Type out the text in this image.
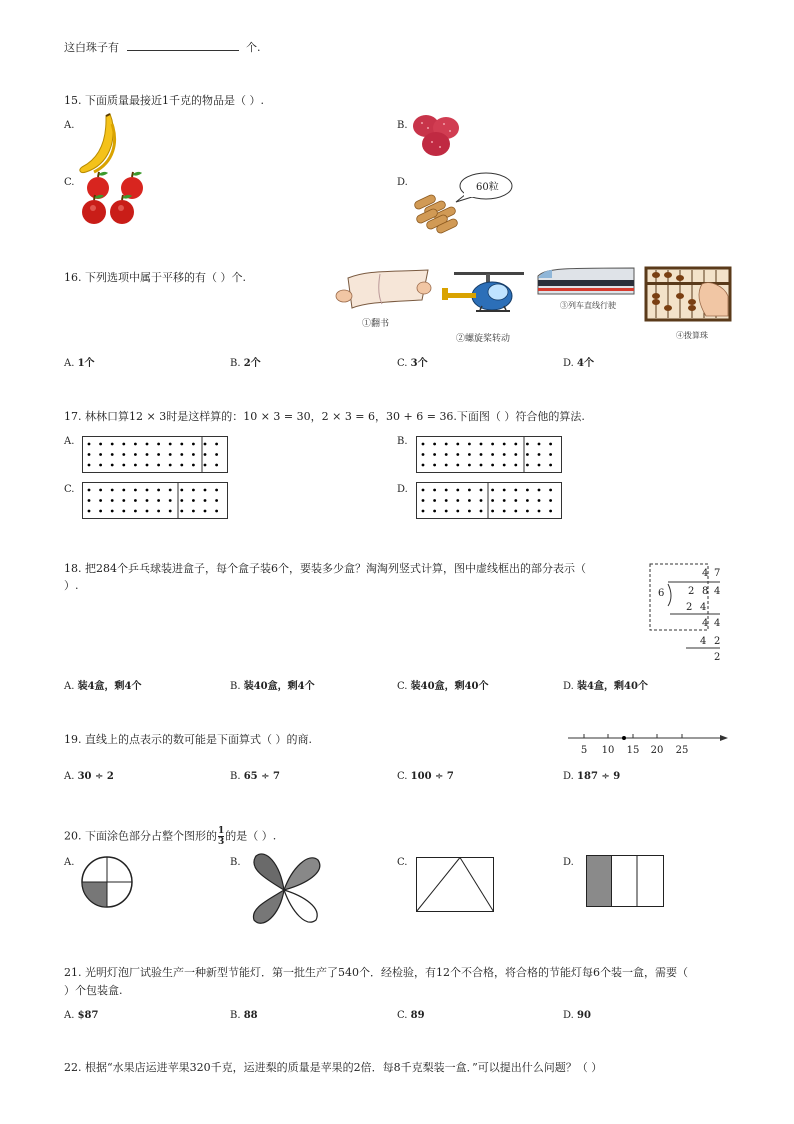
这白珠子有	个.
15. 下面质量最接近1千克的物品是（ ）.
A.	B.
C.	D.	60粒
16. 下列选项中属于平移的有（ ）个.
①翻书
②螺旋桨转动
③列车直线行驶
④拨算珠
A. 1个	B. 2个	C. 3个	D. 4个
17. 林林口算12 × 3时是这样算的：10 × 3 = 30，2 × 3 = 6，30 + 6 = 36.下面图（ ）符合他的算法.
A.	B.
C.	D.
18. 把284个乒乓球装进盒子，每个盒子装6个，要装多少盒？淘淘列竖式计算，图中虚线框出的部分表示（
）.
4 7
6 2 8 4
2 4
4 4
4 2
2
A. 装4盒，剩4个	B. 装40盒，剩4个	C. 装40盒，剩40个	D. 装4盒，剩40个
19. 直线上的点表示的数可能是下面算式（ ）的商.
5 10 15 20 25
A. 30 ÷ 2	B. 65 ÷ 7	C. 100 ÷ 7	D. 187 ÷ 9
20. 下面涂色部分占整个图形的 $\frac{1}{3}$ 的是（ ）.
A.	B.	C.	D.
21. 光明灯泡厂试验生产一种新型节能灯．第一批生产了540个．经检验，有12个不合格，将合格的节能灯每6个装一盒，需要（
）个包装盒.
A. $87	B. 88	C. 89	D. 90
22. 根据“水果店运进苹果320千克，运进梨的质量是苹果的2倍．每8千克梨装一盒．”可以提出什么问题？（ ）
